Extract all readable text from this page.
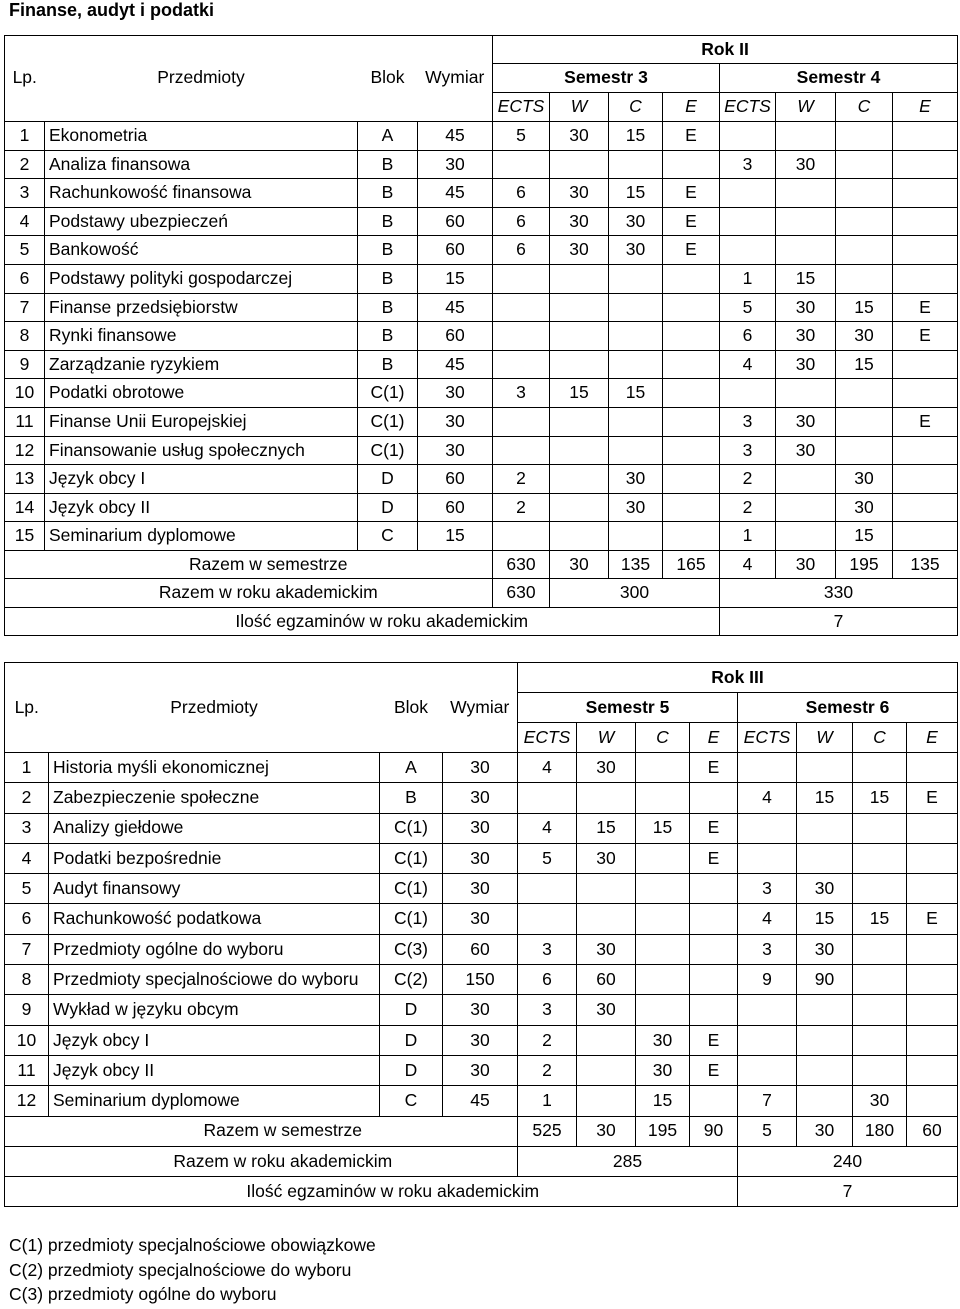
Finanse, audyt i podatki
				Rok II								
Lp.	Przedmioty	Blok	Wymiar	Semestr 3				Semestr 4				
				ECTS	W	C	E	ECTS	W	C	E	
1	Ekonometria	A	45	5	30	15	E					
2	Analiza finansowa	B	30					3	30			
3	Rachunkowość finansowa	B	45	6	30	15	E					
4	Podstawy ubezpieczeń	B	60	6	30	30	E					
5	Bankowość	B	60	6	30	30	E					
6	Podstawy polityki gospodarczej	B	15					1	15			
7	Finanse przedsiębiorstw	B	45					5	30	15	E	
8	Rynki finansowe	B	60					6	30	30	E	
9	Zarządzanie ryzykiem	B	45					4	30	15		
10	Podatki obrotowe	C(1)	30	3	15	15						
11	Finanse Unii Europejskiej	C(1)	30					3	30		E	
12	Finansowanie usług społecznych	C(1)	30					3	30			
13	Język obcy I	D	60	2		30		2		30		
14	Język obcy II	D	60	2		30		2		30		
15	Seminarium dyplomowe	C	15					1		15		
	Razem w semestrze			630	30	135	165	4	30	195	135	
	Razem w roku akademickim			630	300			330				
	Ilość egzaminów w roku akademickim							7				
				Rok III								
Lp.	Przedmioty	Blok	Wymiar	Semestr 5				Semestr 6				
				ECTS	W	C	E	ECTS	W	C	E	
1	Historia myśli ekonomicznej	A	30	4	30		E					
2	Zabezpieczenie społeczne	B	30					4	15	15	E	
3	Analizy giełdowe	C(1)	30	4	15	15	E					
4	Podatki bezpośrednie	C(1)	30	5	30		E					
5	Audyt finansowy	C(1)	30					3	30			
6	Rachunkowość podatkowa	C(1)	30					4	15	15	E	
7	Przedmioty ogólne do wyboru	C(3)	60	3	30			3	30			
8	Przedmioty specjalnościowe do wyboru	C(2)	150	6	60			9	90			
9	Wykład w języku obcym	D	30	3	30							
10	Język obcy I	D	30	2		30	E					
11	Język obcy II	D	30	2		30	E					
12	Seminarium dyplomowe	C	45	1		15		7		30		
	Razem w semestrze			525	30	195	90	5	30	180	60	
	Razem w roku akademickim			285				240				
	Ilość egzaminów w roku akademickim							7				
C(1) przedmioty specjalnościowe obowiązkowe
C(2) przedmioty specjalnościowe do wyboru
C(3) przedmioty ogólne do wyboru
